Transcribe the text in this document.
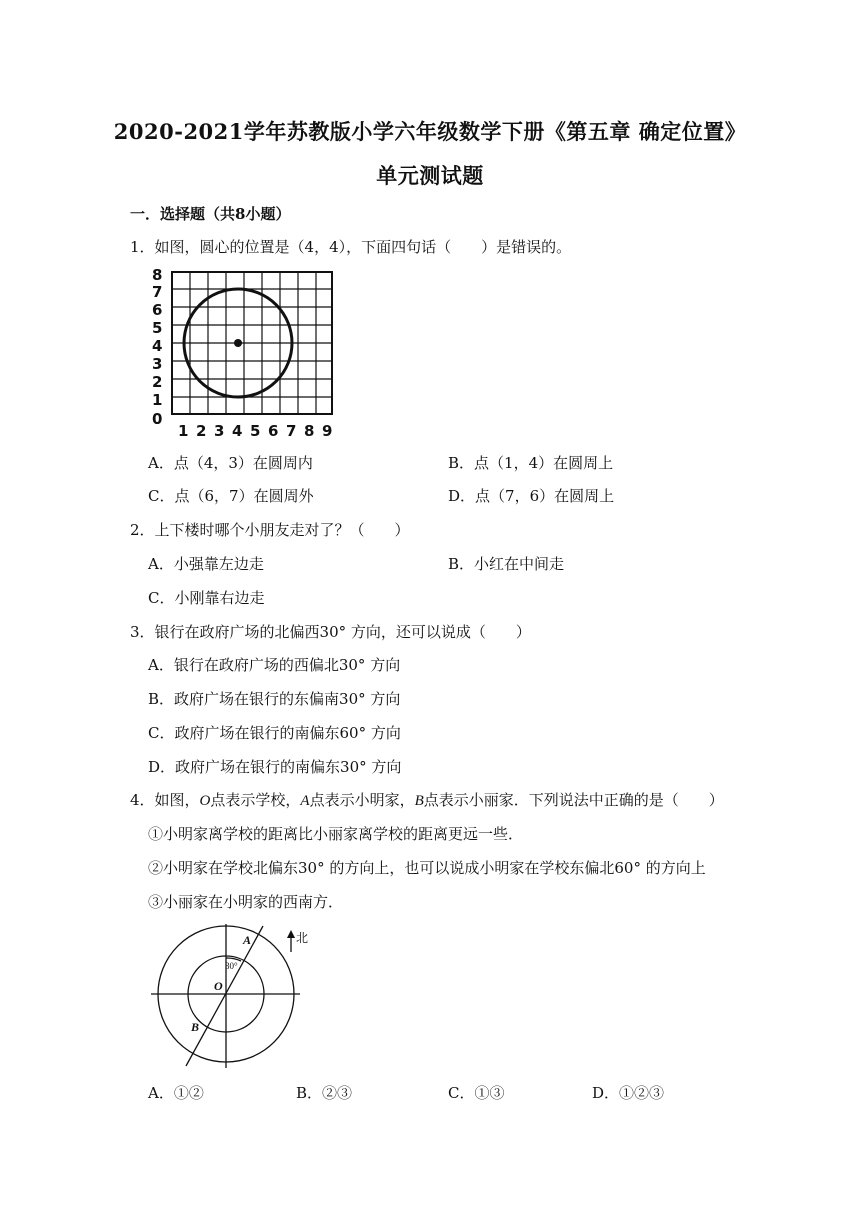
2020-2021学年苏教版小学六年级数学下册《第五章 确定位置》
单元测试题
一．选择题（共8小题）
1．如图，圆心的位置是（4，4），下面四句话（　　）是错误的。
8
7
6
5
4
3
2
1
0
1 2 3 4 5 6 7 8 9
A．点（4，3）在圆周内	B．点（1，4）在圆周上
C．点（6，7）在圆周外	D．点（7，6）在圆周上
2．上下楼时哪个小朋友走对了？（　　）
A．小强靠左边走	B．小红在中间走
C．小刚靠右边走
3．银行在政府广场的北偏西30° 方向，还可以说成（　　）
A．银行在政府广场的西偏北30° 方向
B．政府广场在银行的东偏南30° 方向
C．政府广场在银行的南偏东60° 方向
D．政府广场在银行的南偏东30° 方向
4．如图，O点表示学校，A点表示小明家，B点表示小丽家．下列说法中正确的是（　　）
①小明家离学校的距离比小丽家离学校的距离更远一些．
②小明家在学校北偏东30° 的方向上，也可以说成小明家在学校东偏北60° 的方向上
③小丽家在小明家的西南方．
北
30°
O
A
B
A．①②	B．②③	C．①③	D．①②③
